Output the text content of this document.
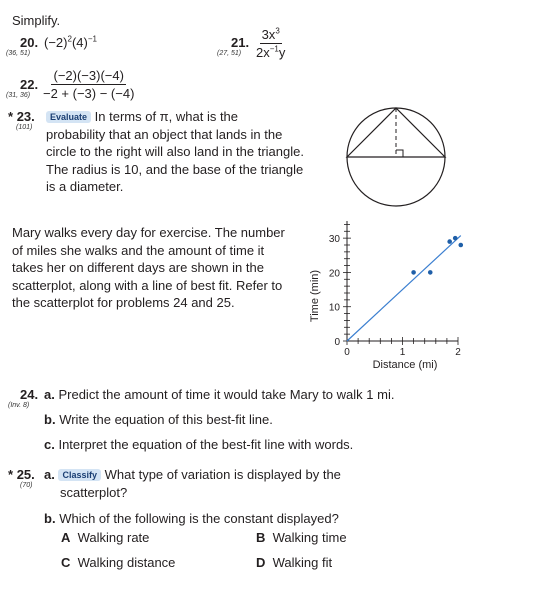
Simplify.
20.
(36, 51)
$(-2)^2(4)^{-1}$	21.
(27, $51) \frac{3x^3}{2x^{-1}y}$
22.
(31, $36) \frac{(-2)(-3)(-4)}{-2 + (-3) - (-4)}$
* 23.
(101)
Evaluate In terms of π, what is the
probability that an object that lands in the
circle to the right will also land in the triangle.
The radius is 10, and the base of the triangle
is a diameter.
Mary walks every day for exercise. The number
of miles she walks and the amount of time it
takes her on different days are shown in the
scatterplot, along with a line of best fit. Refer to
the scatterplot for problems 24 and 25.
0
10
20
30
0	1	2
Time (min)
Distance (mi)
24.
(Inv. 8)
a. Predict the amount of time it would take Mary to walk 1 mi.
b. Write the equation of this best-fit line.
c. Interpret the equation of the best-fit line with words.
* 25.
(70)
a. Classify What type of variation is displayed by the
scatterplot?
b. Which of the following is the constant displayed?
A Walking rate	B Walking time
C Walking distance	D Walking fit
